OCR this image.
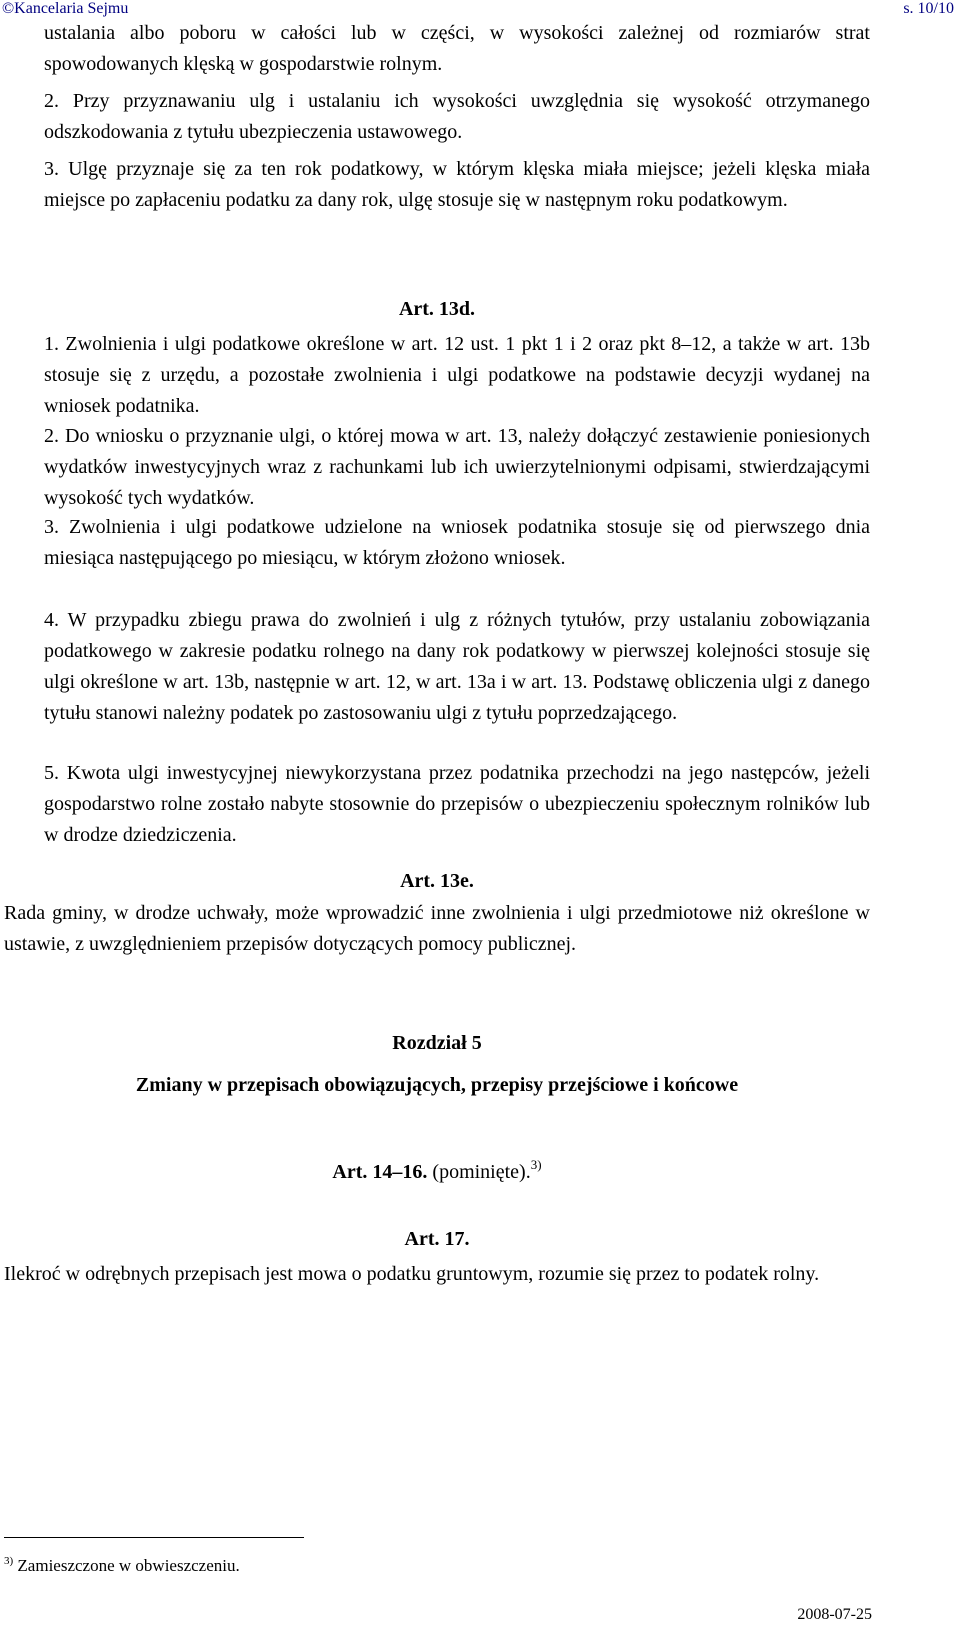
©Kancelaria Sejmu	s. 10/10
ustalania albo poboru w całości lub w części, w wysokości zależnej od rozmiarów strat spowodowanych klęską w gospodarstwie rolnym.
2. Przy przyznawaniu ulg i ustalaniu ich wysokości uwzględnia się wysokość otrzymanego odszkodowania z tytułu ubezpieczenia ustawowego.
3. Ulgę przyznaje się za ten rok podatkowy, w którym klęska miała miejsce; jeżeli klęska miała miejsce po zapłaceniu podatku za dany rok, ulgę stosuje się w następnym roku podatkowym.
Art. 13d.
1. Zwolnienia i ulgi podatkowe określone w art. 12 ust. 1 pkt 1 i 2 oraz pkt 8–12, a także w art. 13b stosuje się z urzędu, a pozostałe zwolnienia i ulgi podatkowe na podstawie decyzji wydanej na wniosek podatnika.
2. Do wniosku o przyznanie ulgi, o której mowa w art. 13, należy dołączyć zestawienie poniesionych wydatków inwestycyjnych wraz z rachunkami lub ich uwierzytelnionymi odpisami, stwierdzającymi wysokość tych wydatków.
3. Zwolnienia i ulgi podatkowe udzielone na wniosek podatnika stosuje się od pierwszego dnia miesiąca następującego po miesiącu, w którym złożono wniosek.
4. W przypadku zbiegu prawa do zwolnień i ulg z różnych tytułów, przy ustalaniu zobowiązania podatkowego w zakresie podatku rolnego na dany rok podatkowy w pierwszej kolejności stosuje się ulgi określone w art. 13b, następnie w art. 12, w art. 13a i w art. 13. Podstawę obliczenia ulgi z danego tytułu stanowi należny podatek po zastosowaniu ulgi z tytułu poprzedzającego.
5. Kwota ulgi inwestycyjnej niewykorzystana przez podatnika przechodzi na jego następców, jeżeli gospodarstwo rolne zostało nabyte stosownie do przepisów o ubezpieczeniu społecznym rolników lub w drodze dziedziczenia.
Art. 13e.
Rada gminy, w drodze uchwały, może wprowadzić inne zwolnienia i ulgi przedmiotowe niż określone w ustawie, z uwzględnieniem przepisów dotyczących pomocy publicznej.
Rozdział 5
Zmiany w przepisach obowiązujących, przepisy przejściowe i końcowe
Art. 14–16. (pominięte).$^{3)}$
Art. 17.
Ilekroć w odrębnych przepisach jest mowa o podatku gruntowym, rozumie się przez to podatek rolny.
$^{3)}$ Zamieszczone w obwieszczeniu.
2008-07-25
